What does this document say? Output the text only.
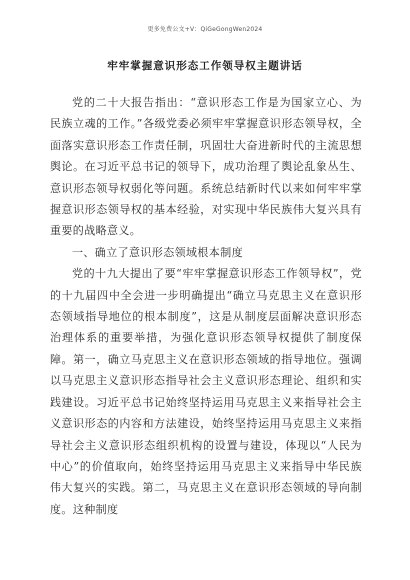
更多免费公文+V：QiGeGongWen2024
牢牢掌握意识形态工作领导权主题讲话

党的二十大报告指出：“意识形态工作是为国家立心、为民族立魂的工作。”各级党委必须牢牢掌握意识形态领导权，全面落实意识形态工作责任制，巩固壮大奋进新时代的主流思想舆论。在习近平总书记的领导下，成功治理了舆论乱象丛生、意识形态领导权弱化等问题。系统总结新时代以来如何牢牢掌握意识形态领导权的基本经验，对实现中华民族伟大复兴具有重要的战略意义。

一、确立了意识形态领域根本制度

党的十九大提出了要“牢牢掌握意识形态工作领导权”，党的十九届四中全会进一步明确提出“确立马克思主义在意识形态领域指导地位的根本制度”，这是从制度层面解决意识形态治理体系的重要举措，为强化意识形态领导权提供了制度保障。第一，确立马克思主义在意识形态领域的指导地位。强调以马克思主义意识形态指导社会主义意识形态理论、组织和实践建设。习近平总书记始终坚持运用马克思主义来指导社会主义意识形态的内容和方法建设，始终坚持运用马克思主义来指导社会主义意识形态组织机构的设置与建设，体现以“人民为中心”的价值取向，始终坚持运用马克思主义来指导中华民族伟大复兴的实践。第二，马克思主义在意识形态领域的导向制度。这种制度
